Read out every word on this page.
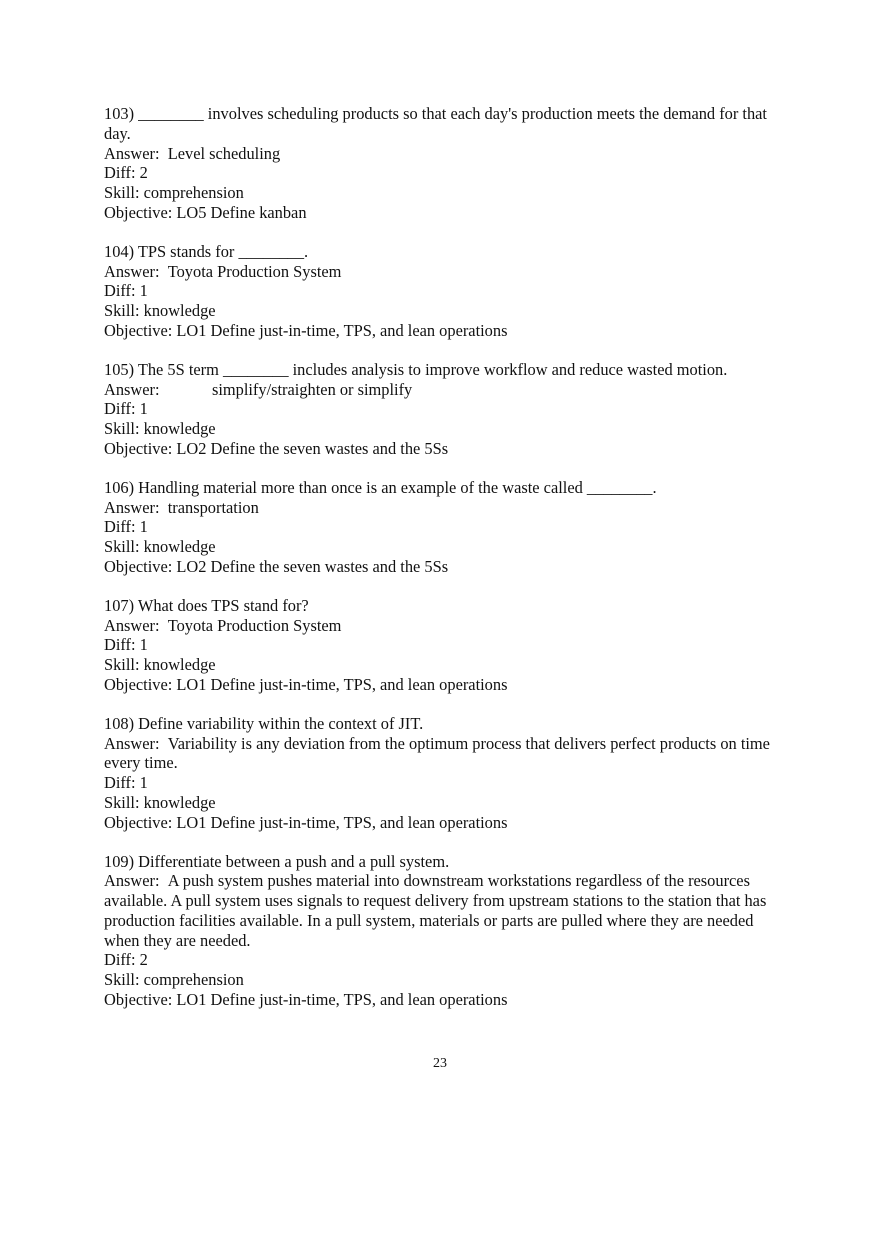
103) ________ involves scheduling products so that each day's production meets the demand for that day.
Answer: Level scheduling
Diff: 2
Skill: comprehension
Objective: LO5 Define kanban
104) TPS stands for ________.
Answer: Toyota Production System
Diff: 1
Skill: knowledge
Objective: LO1 Define just-in-time, TPS, and lean operations
105) The 5S term ________ includes analysis to improve workflow and reduce wasted motion.
Answer:	simplify/straighten or simplify
Diff: 1
Skill: knowledge
Objective: LO2 Define the seven wastes and the 5Ss
106) Handling material more than once is an example of the waste called ________.
Answer: transportation
Diff: 1
Skill: knowledge
Objective: LO2 Define the seven wastes and the 5Ss
107) What does TPS stand for?
Answer: Toyota Production System
Diff: 1
Skill: knowledge
Objective: LO1 Define just-in-time, TPS, and lean operations
108) Define variability within the context of JIT.
Answer: Variability is any deviation from the optimum process that delivers perfect products on time every time.
Diff: 1
Skill: knowledge
Objective: LO1 Define just-in-time, TPS, and lean operations
109) Differentiate between a push and a pull system.
Answer: A push system pushes material into downstream workstations regardless of the resources available. A pull system uses signals to request delivery from upstream stations to the station that has production facilities available. In a pull system, materials or parts are pulled where they are needed when they are needed.
Diff: 2
Skill: comprehension
Objective: LO1 Define just-in-time, TPS, and lean operations
23
